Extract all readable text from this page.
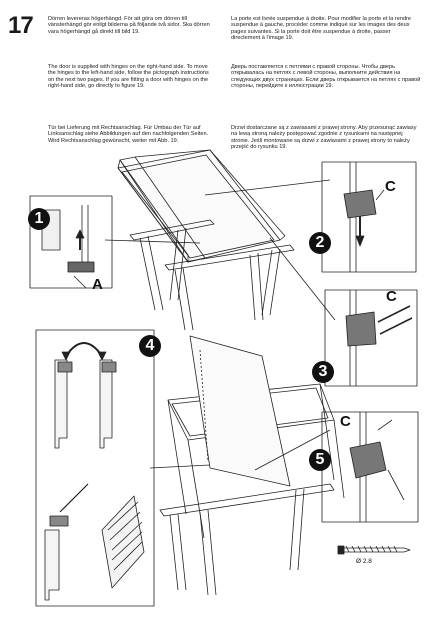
17	Dörren levereras högerhängd. För att göra om dörren till vänsterhängd gör enligt bilderna på följande två sidor. Ska dörren vara högerhängd gå direkt till bild 19.

The door is supplied with hinges on the right-hand side. To move the hinges to the left-hand side, follow the pictograph instructions on the next two pages. If you are fitting a door with hinges on the right-hand side, go directly to figure 19.

Tür bei Lieferung mit Rechtsanschlag. Für Umbau der Tür auf Linksanschlag siehe Abbildungen auf den nachfolgenden Seiten. Wird Rechtsanschlag gewünscht, weiter mit Abb. 19.

La porte est livrée suspendue à droite. Pour modifier la porte et la rendre suspendue à gauche, procéder comme indiqué sur les images des deux pages suivantes. Si la porte doit être suspendue à droite, passer directement à l'image 19.

Дверь поставляется с петлями с правой стороны. Чтобы дверь открывалась на петлях с левой стороны, выполните действия на следующих двух страницах. Если дверь открывается на петлях с правой стороны, перейдите к иллюстрации 19.

Drzwi dostarczane są z zawiasami z prawej strony. Aby przesunąć zawiasy na lewą stroną należy postępować zgodnie z rysunkami na następnej stronie. Jeśli montowane są drzwi z zawiasami z prawej strony to należy przejść do rysunku 19.

1
2
3
4
5
A
C
C
C
Ø 2.8
